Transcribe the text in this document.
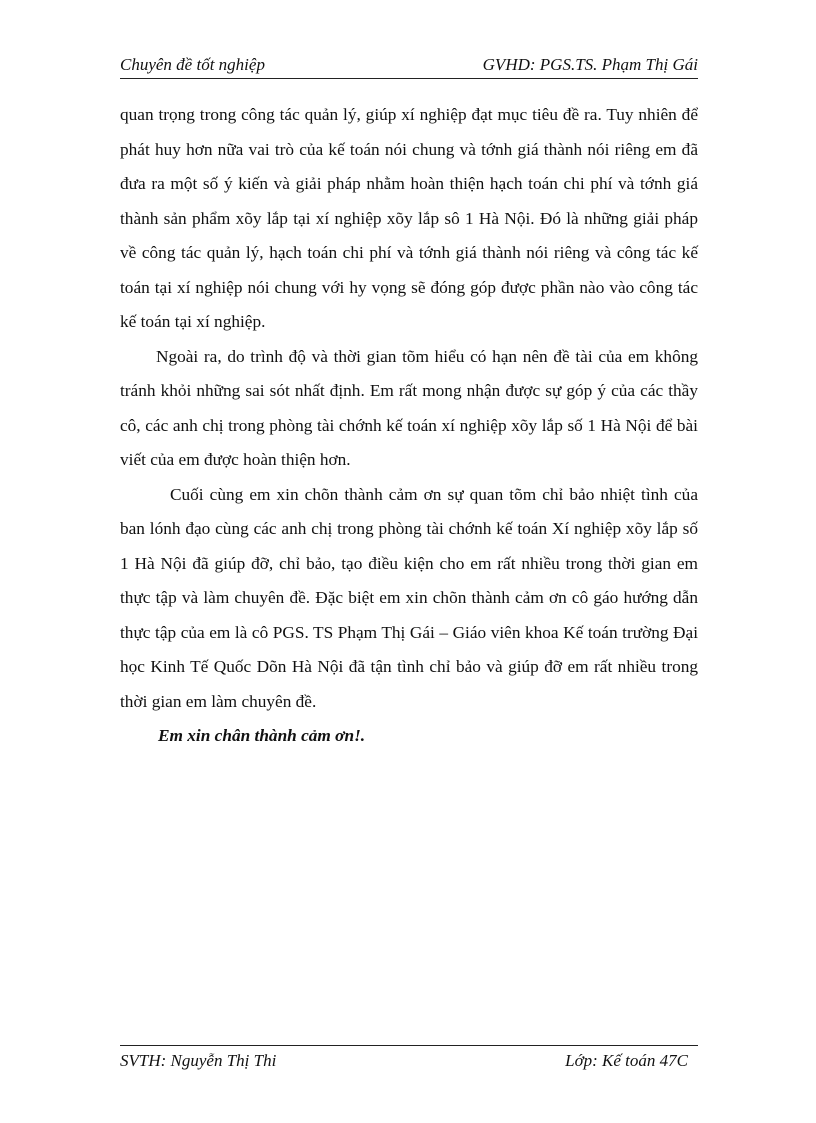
Chuyên đề tốt nghiệp	GVHD: PGS.TS. Phạm Thị Gái

quan trọng trong công tác quản lý, giúp xí nghiệp đạt mục tiêu đề ra. Tuy nhiên để phát huy hơn nữa vai trò của kế toán nói chung và tớnh giá thành nói riêng em đã đưa ra một số ý kiến và giải pháp nhằm hoàn thiện hạch toán chi phí và tớnh giá thành sản phẩm xõy lắp tại xí nghiệp xõy lắp sô 1 Hà Nội. Đó là những giải pháp về công tác quản lý, hạch toán chi phí và tớnh giá thành nói riêng và công tác kế toán tại xí nghiệp nói chung với hy vọng sẽ đóng góp được phần nào vào công tác kế toán tại xí nghiệp.

Ngoài ra, do trình độ và thời gian tõm hiểu có hạn nên đề tài của em không tránh khỏi những sai sót nhất định. Em rất mong nhận được sự góp ý của các thầy cô, các anh chị trong phòng tài chớnh kế toán xí nghiệp xõy lắp số 1 Hà Nội để bài viết của em được hoàn thiện hơn.

Cuối cùng em xin chõn thành cảm ơn sự quan tõm chỉ bảo nhiệt tình của ban lónh đạo cùng các anh chị trong phòng tài chớnh kế toán Xí nghiệp xõy lắp số 1 Hà Nội đã giúp đỡ, chỉ bảo, tạo điều kiện cho em rất nhiều trong thời gian em thực tập và làm chuyên đề. Đặc biệt em xin chõn thành cảm ơn cô gáo hướng dẫn thực tập của em là cô PGS. TS Phạm Thị Gái – Giáo viên khoa Kế toán trường Đại học Kinh Tế Quốc Dõn Hà Nội đã tận tình chỉ bảo và giúp đỡ em rất nhiều trong thời gian em làm chuyên đề.

Em xin chân thành cảm ơn!.

SVTH: Nguyễn Thị Thi	Lớp: Kế toán 47C
